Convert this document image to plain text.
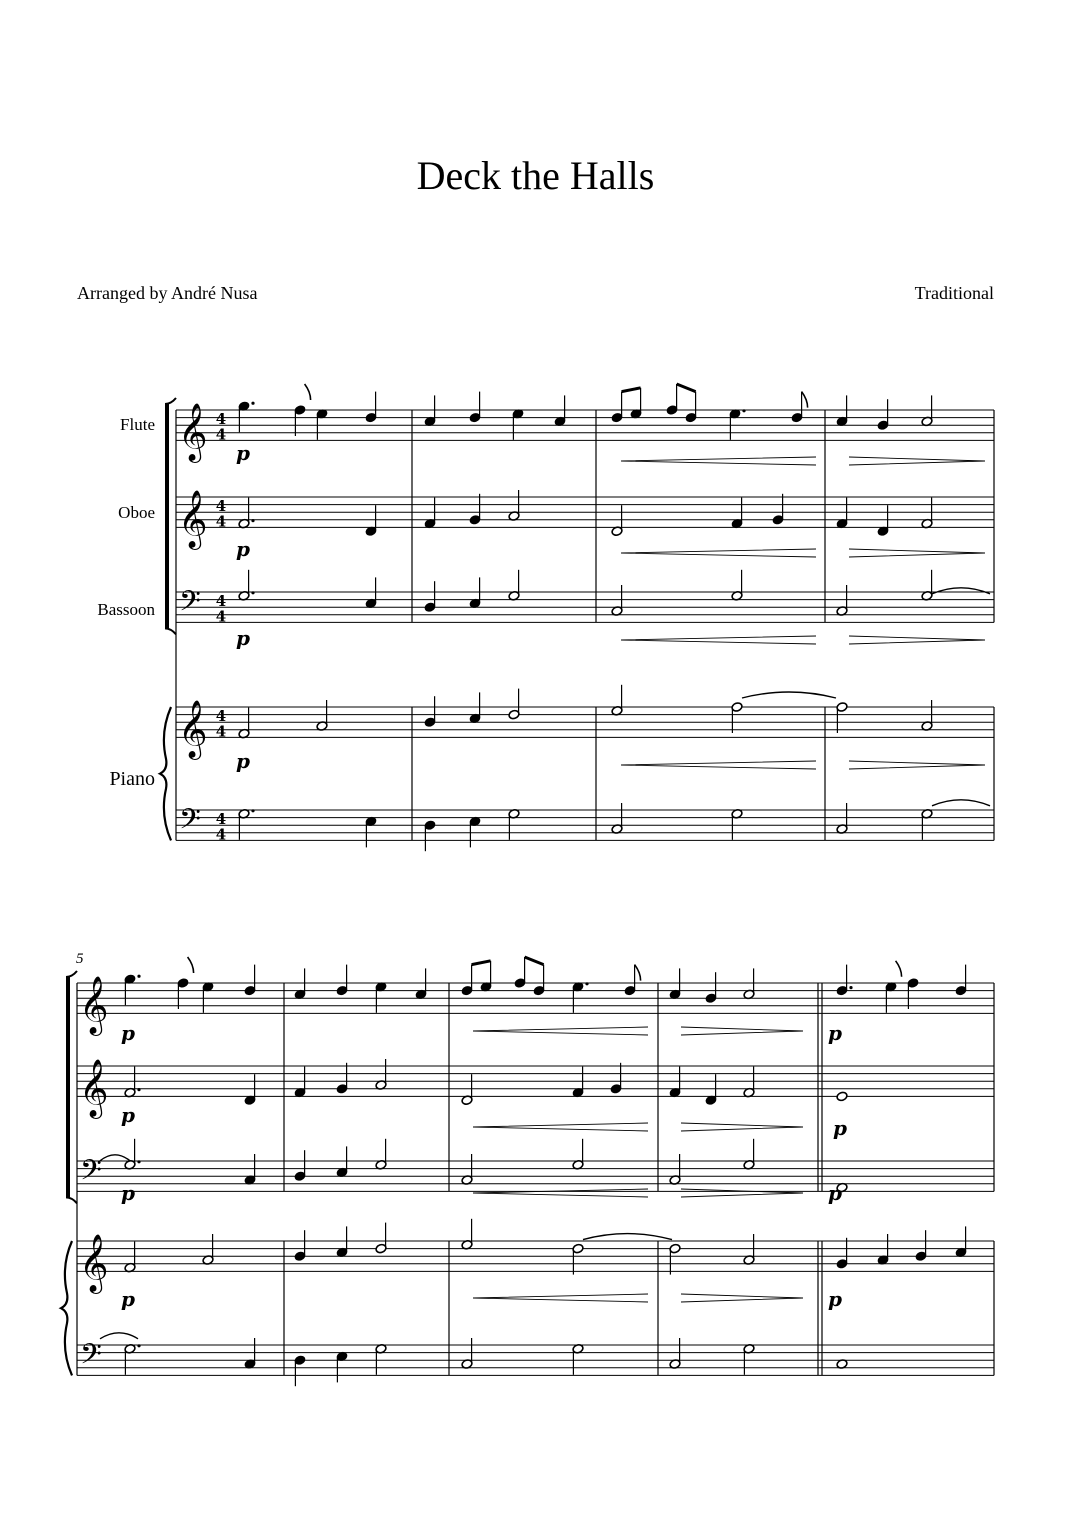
Deck the Halls
Arranged by André Nusa	Traditional
Flute
Oboe
Bassoon
Piano
5
𝄞
𝄞
𝄢
𝄞
𝄢
4
4
4
4
4
4
4
4
4
4
p
p
p
p
𝄞
𝄞
𝄢
𝄞
𝄢
p	p
p
p
p	p
p	p
